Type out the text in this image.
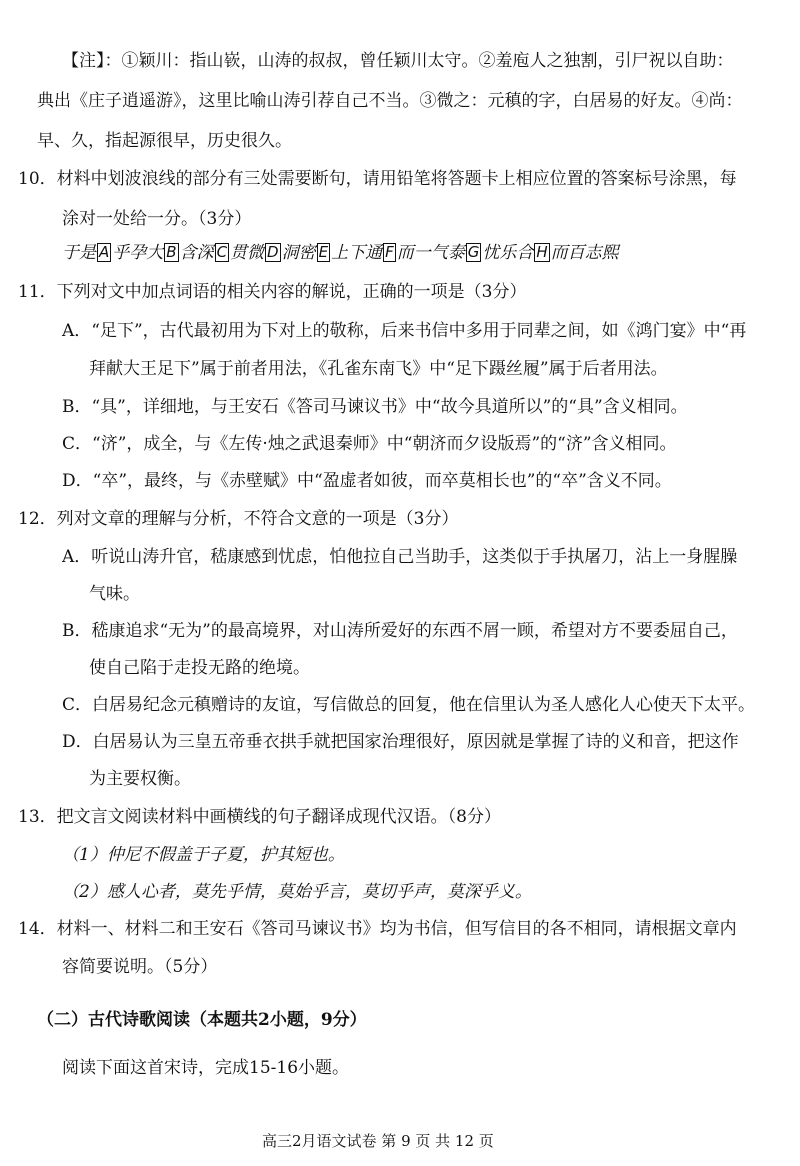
【注】：①颖川：指山嵚，山涛的叔叔，曾任颖川太守。②羞庖人之独割，引尸祝以自助：
典出《庄子逍遥游》，这里比喻山涛引荐自己不当。③微之：元稹的字，白居易的好友。④尚：
早、久，指起源很早，历史很久。
10．材料中划波浪线的部分有三处需要断句，请用铅笔将答题卡上相应位置的答案标号涂黑，每
涂对一处给一分。（3分）
于是 A 乎孕大 B 含深 C 贯微 D 洞密 E 上下通 F 而一气泰 G 忧乐合 H 而百志熙
11．下列对文中加点词语的相关内容的解说，正确的一项是（3分）
A．“足下”，古代最初用为下对上的敬称，后来书信中多用于同辈之间，如《鸿门宴》中“再
拜献大王足下”属于前者用法，《孔雀东南飞》中“足下蹑丝履”属于后者用法。
B．“具”，详细地，与王安石《答司马谏议书》中“故今具道所以”的“具”含义相同。
C．“济”，成全，与《左传·烛之武退秦师》中“朝济而夕设版焉”的“济”含义相同。
D．“卒”，最终，与《赤壁赋》中“盈虚者如彼，而卒莫相长也”的“卒”含义不同。
12．列对文章的理解与分析，不符合文意的一项是（3分）
A．听说山涛升官，嵇康感到忧虑，怕他拉自己当助手，这类似于手执屠刀，沾上一身腥臊
气味。
B．嵇康追求“无为”的最高境界，对山涛所爱好的东西不屑一顾，希望对方不要委屈自己，
使自己陷于走投无路的绝境。
C．白居易纪念元稹赠诗的友谊，写信做总的回复，他在信里认为圣人感化人心使天下太平。
D．白居易认为三皇五帝垂衣拱手就把国家治理很好，原因就是掌握了诗的义和音，把这作
为主要权衡。
13．把文言文阅读材料中画横线的句子翻译成现代汉语。（8分）
（1）仲尼不假盖于子夏，护其短也。
（2）感人心者，莫先乎情，莫始乎言，莫切乎声，莫深乎义。
14．材料一、材料二和王安石《答司马谏议书》均为书信，但写信目的各不相同，请根据文章内
容简要说明。（5分）
（二）古代诗歌阅读（本题共2小题，9分）
阅读下面这首宋诗，完成15-16小题。
高三2月语文试卷 第 9 页 共 12 页
